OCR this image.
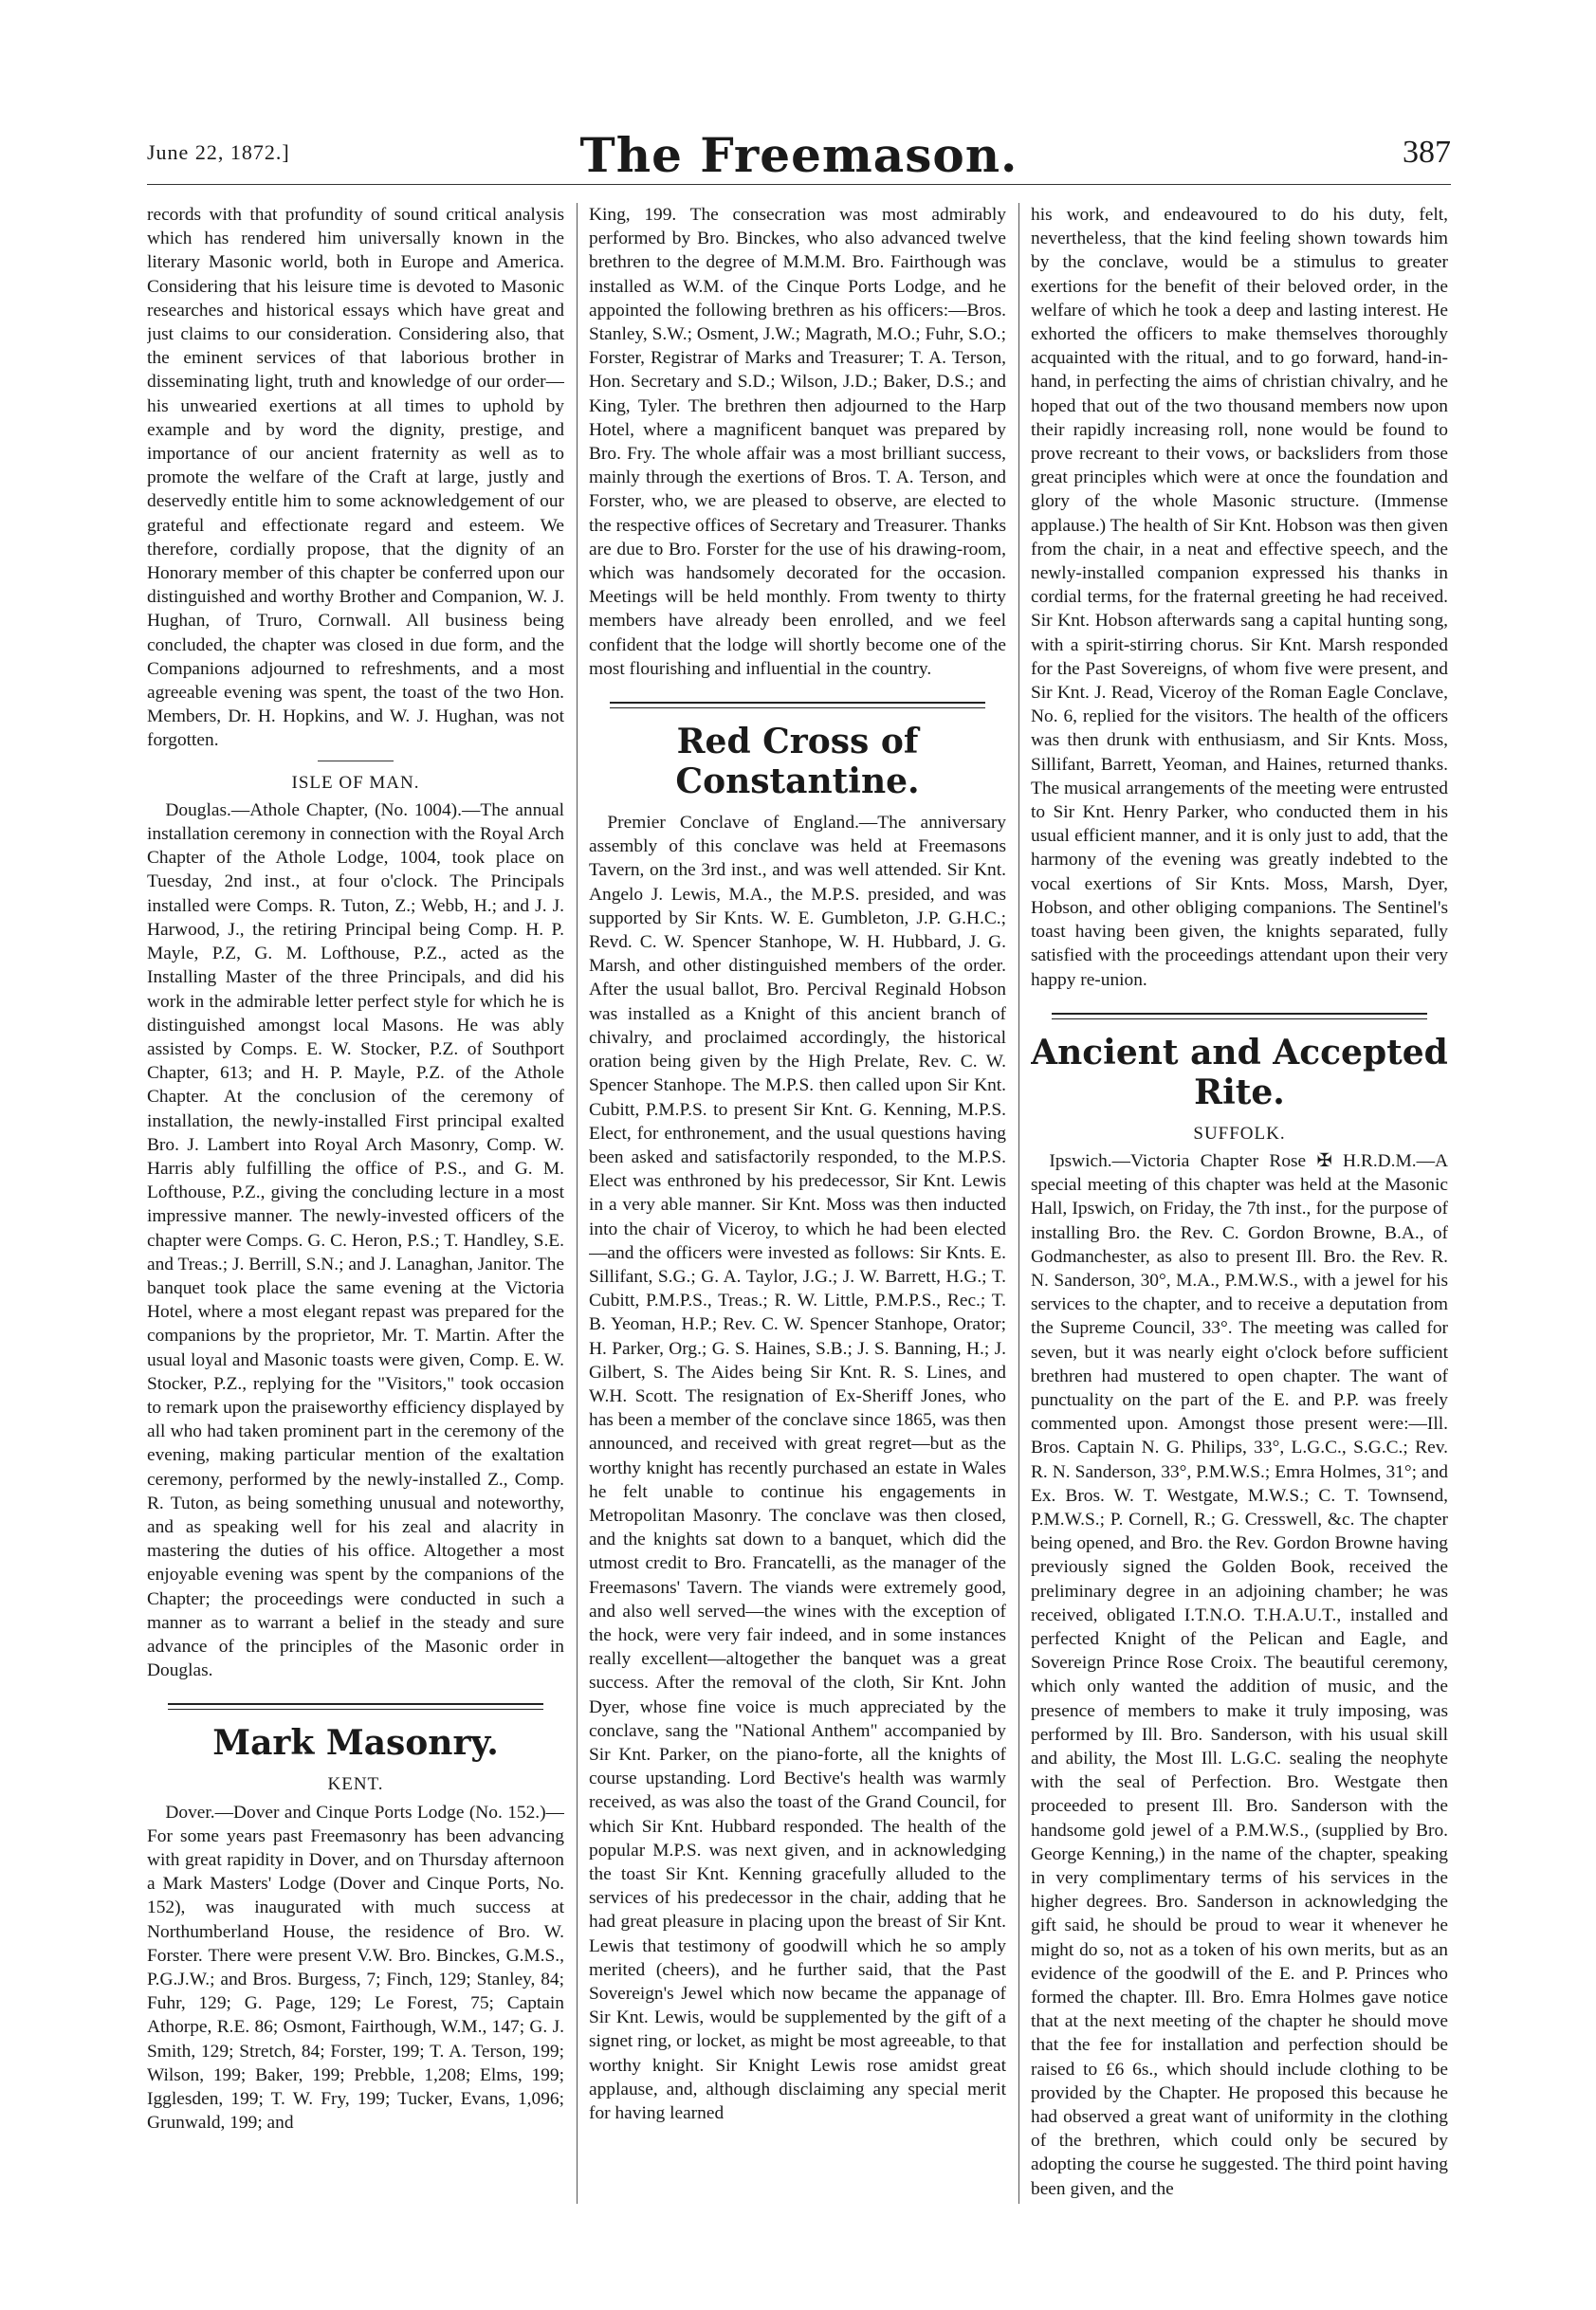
June 22, 1872.]	The Freemason.	387

records with that profundity of sound critical analysis which has rendered him universally known in the literary Masonic world, both in Europe and America. Considering that his leisure time is devoted to Masonic researches and historical essays which have great and just claims to our consideration. Considering also, that the eminent services of that laborious brother in disseminating light, truth and knowledge of our order—his unwearied exertions at all times to uphold by example and by word the dignity, prestige, and importance of our ancient fraternity as well as to promote the welfare of the Craft at large, justly and deservedly entitle him to some acknowledgement of our grateful and effectionate regard and esteem. We therefore, cordially propose, that the dignity of an Honorary member of this chapter be conferred upon our distinguished and worthy Brother and Companion, W. J. Hughan, of Truro, Cornwall. All business being concluded, the chapter was closed in due form, and the Companions adjourned to refreshments, and a most agreeable evening was spent, the toast of the two Hon. Members, Dr. H. Hopkins, and W. J. Hughan, was not forgotten.

ISLE OF MAN.

Douglas.—Athole Chapter, (No. 1004).—The annual installation ceremony in connection with the Royal Arch Chapter of the Athole Lodge, 1004, took place on Tuesday, 2nd inst., at four o'clock. The Principals installed were Comps. R. Tuton, Z.; Webb, H.; and J. J. Harwood, J., the retiring Principal being Comp. H. P. Mayle, P.Z, G. M. Lofthouse, P.Z., acted as the Installing Master of the three Principals, and did his work in the admirable letter perfect style for which he is distinguished amongst local Masons. He was ably assisted by Comps. E. W. Stocker, P.Z. of Southport Chapter, 613; and H. P. Mayle, P.Z. of the Athole Chapter. At the conclusion of the ceremony of installation, the newly-installed First principal exalted Bro. J. Lambert into Royal Arch Masonry, Comp. W. Harris ably fulfilling the office of P.S., and G. M. Lofthouse, P.Z., giving the concluding lecture in a most impressive manner. The newly-invested officers of the chapter were Comps. G. C. Heron, P.S.; T. Handley, S.E. and Treas.; J. Berrill, S.N.; and J. Lanaghan, Janitor. The banquet took place the same evening at the Victoria Hotel, where a most elegant repast was prepared for the companions by the proprietor, Mr. T. Martin. After the usual loyal and Masonic toasts were given, Comp. E. W. Stocker, P.Z., replying for the "Visitors," took occasion to remark upon the praiseworthy efficiency displayed by all who had taken prominent part in the ceremony of the evening, making particular mention of the exaltation ceremony, performed by the newly-installed Z., Comp. R. Tuton, as being something unusual and noteworthy, and as speaking well for his zeal and alacrity in mastering the duties of his office. Altogether a most enjoyable evening was spent by the companions of the Chapter; the proceedings were conducted in such a manner as to warrant a belief in the steady and sure advance of the principles of the Masonic order in Douglas.

Mark Masonry.
KENT.

Dover.—Dover and Cinque Ports Lodge (No. 152.)—For some years past Freemasonry has been advancing with great rapidity in Dover, and on Thursday afternoon a Mark Masters' Lodge (Dover and Cinque Ports, No. 152), was inaugurated with much success at Northumberland House, the residence of Bro. W. Forster. There were present V.W. Bro. Binckes, G.M.S., P.G.J.W.; and Bros. Burgess, 7; Finch, 129; Stanley, 84; Fuhr, 129; G. Page, 129; Le Forest, 75; Captain Athorpe, R.E. 86; Osmont, Fairthough, W.M., 147; G. J. Smith, 129; Stretch, 84; Forster, 199; T. A. Terson, 199; Wilson, 199; Baker, 199; Prebble, 1,208; Elms, 199; Igglesden, 199; T. W. Fry, 199; Tucker, Evans, 1,096; Grunwald, 199; and

King, 199. The consecration was most admirably performed by Bro. Binckes, who also advanced twelve brethren to the degree of M.M.M. Bro. Fairthough was installed as W.M. of the Cinque Ports Lodge, and he appointed the following brethren as his officers:—Bros. Stanley, S.W.; Osment, J.W.; Magrath, M.O.; Fuhr, S.O.; Forster, Registrar of Marks and Treasurer; T. A. Terson, Hon. Secretary and S.D.; Wilson, J.D.; Baker, D.S.; and King, Tyler. The brethren then adjourned to the Harp Hotel, where a magnificent banquet was prepared by Bro. Fry. The whole affair was a most brilliant success, mainly through the exertions of Bros. T. A. Terson, and Forster, who, we are pleased to observe, are elected to the respective offices of Secretary and Treasurer. Thanks are due to Bro. Forster for the use of his drawing-room, which was handsomely decorated for the occasion. Meetings will be held monthly. From twenty to thirty members have already been enrolled, and we feel confident that the lodge will shortly become one of the most flourishing and influential in the country.

Red Cross of Constantine.

Premier Conclave of England.—The anniversary assembly of this conclave was held at Freemasons Tavern, on the 3rd inst., and was well attended. Sir Knt. Angelo J. Lewis, M.A., the M.P.S. presided, and was supported by Sir Knts. W. E. Gumbleton, J.P. G.H.C.; Revd. C. W. Spencer Stanhope, W. H. Hubbard, J. G. Marsh, and other distinguished members of the order. After the usual ballot, Bro. Percival Reginald Hobson was installed as a Knight of this ancient branch of chivalry, and proclaimed accordingly, the historical oration being given by the High Prelate, Rev. C. W. Spencer Stanhope. The M.P.S. then called upon Sir Knt. Cubitt, P.M.P.S. to present Sir Knt. G. Kenning, M.P.S. Elect, for enthronement, and the usual questions having been asked and satisfactorily responded, to the M.P.S. Elect was enthroned by his predecessor, Sir Knt. Lewis in a very able manner. Sir Knt. Moss was then inducted into the chair of Viceroy, to which he had been elected—and the officers were invested as follows: Sir Knts. E. Sillifant, S.G.; G. A. Taylor, J.G.; J. W. Barrett, H.G.; T. Cubitt, P.M.P.S., Treas.; R. W. Little, P.M.P.S., Rec.; T. B. Yeoman, H.P.; Rev. C. W. Spencer Stanhope, Orator; H. Parker, Org.; G. S. Haines, S.B.; J. S. Banning, H.; J. Gilbert, S. The Aides being Sir Knt. R. S. Lines, and W.H. Scott. The resignation of Ex-Sheriff Jones, who has been a member of the conclave since 1865, was then announced, and received with great regret—but as the worthy knight has recently purchased an estate in Wales he felt unable to continue his engagements in Metropolitan Masonry. The conclave was then closed, and the knights sat down to a banquet, which did the utmost credit to Bro. Francatelli, as the manager of the Freemasons' Tavern. The viands were extremely good, and also well served—the wines with the exception of the hock, were very fair indeed, and in some instances really excellent—altogether the banquet was a great success. After the removal of the cloth, Sir Knt. John Dyer, whose fine voice is much appreciated by the conclave, sang the "National Anthem" accompanied by Sir Knt. Parker, on the piano-forte, all the knights of course upstanding. Lord Bective's health was warmly received, as was also the toast of the Grand Council, for which Sir Knt. Hubbard responded. The health of the popular M.P.S. was next given, and in acknowledging the toast Sir Knt. Kenning gracefully alluded to the services of his predecessor in the chair, adding that he had great pleasure in placing upon the breast of Sir Knt. Lewis that testimony of goodwill which he so amply merited (cheers), and he further said, that the Past Sovereign's Jewel which now became the appanage of Sir Knt. Lewis, would be supplemented by the gift of a signet ring, or locket, as might be most agreeable, to that worthy knight. Sir Knight Lewis rose amidst great applause, and, although disclaiming any special merit for having learned

his work, and endeavoured to do his duty, felt, nevertheless, that the kind feeling shown towards him by the conclave, would be a stimulus to greater exertions for the benefit of their beloved order, in the welfare of which he took a deep and lasting interest. He exhorted the officers to make themselves thoroughly acquainted with the ritual, and to go forward, hand-in-hand, in perfecting the aims of christian chivalry, and he hoped that out of the two thousand members now upon their rapidly increasing roll, none would be found to prove recreant to their vows, or backsliders from those great principles which were at once the foundation and glory of the whole Masonic structure. (Immense applause.) The health of Sir Knt. Hobson was then given from the chair, in a neat and effective speech, and the newly-installed companion expressed his thanks in cordial terms, for the fraternal greeting he had received. Sir Knt. Hobson afterwards sang a capital hunting song, with a spirit-stirring chorus. Sir Knt. Marsh responded for the Past Sovereigns, of whom five were present, and Sir Knt. J. Read, Viceroy of the Roman Eagle Conclave, No. 6, replied for the visitors. The health of the officers was then drunk with enthusiasm, and Sir Knts. Moss, Sillifant, Barrett, Yeoman, and Haines, returned thanks. The musical arrangements of the meeting were entrusted to Sir Knt. Henry Parker, who conducted them in his usual efficient manner, and it is only just to add, that the harmony of the evening was greatly indebted to the vocal exertions of Sir Knts. Moss, Marsh, Dyer, Hobson, and other obliging companions. The Sentinel's toast having been given, the knights separated, fully satisfied with the proceedings attendant upon their very happy re-union.

Ancient and Accepted Rite.
SUFFOLK.

Ipswich.—Victoria Chapter Rose ✠ H.R.D.M.—A special meeting of this chapter was held at the Masonic Hall, Ipswich, on Friday, the 7th inst., for the purpose of installing Bro. the Rev. C. Gordon Browne, B.A., of Godmanchester, as also to present Ill. Bro. the Rev. R. N. Sanderson, 30°, M.A., P.M.W.S., with a jewel for his services to the chapter, and to receive a deputation from the Supreme Council, 33°. The meeting was called for seven, but it was nearly eight o'clock before sufficient brethren had mustered to open chapter. The want of punctuality on the part of the E. and P.P. was freely commented upon. Amongst those present were:—Ill. Bros. Captain N. G. Philips, 33°, L.G.C., S.G.C.; Rev. R. N. Sanderson, 33°, P.M.W.S.; Emra Holmes, 31°; and Ex. Bros. W. T. Westgate, M.W.S.; C. T. Townsend, P.M.W.S.; P. Cornell, R.; G. Cresswell, &c. The chapter being opened, and Bro. the Rev. Gordon Browne having previously signed the Golden Book, received the preliminary degree in an adjoining chamber; he was received, obligated I.T.N.O. T.H.A.U.T., installed and perfected Knight of the Pelican and Eagle, and Sovereign Prince Rose Croix. The beautiful ceremony, which only wanted the addition of music, and the presence of members to make it truly imposing, was performed by Ill. Bro. Sanderson, with his usual skill and ability, the Most Ill. L.G.C. sealing the neophyte with the seal of Perfection. Bro. Westgate then proceeded to present Ill. Bro. Sanderson with the handsome gold jewel of a P.M.W.S., (supplied by Bro. George Kenning,) in the name of the chapter, speaking in very complimentary terms of his services in the higher degrees. Bro. Sanderson in acknowledging the gift said, he should be proud to wear it whenever he might do so, not as a token of his own merits, but as an evidence of the goodwill of the E. and P. Princes who formed the chapter. Ill. Bro. Emra Holmes gave notice that at the next meeting of the chapter he should move that the fee for installation and perfection should be raised to £6 6s., which should include clothing to be provided by the Chapter. He proposed this because he had observed a great want of uniformity in the clothing of the brethren, which could only be secured by adopting the course he suggested. The third point having been given, and the
